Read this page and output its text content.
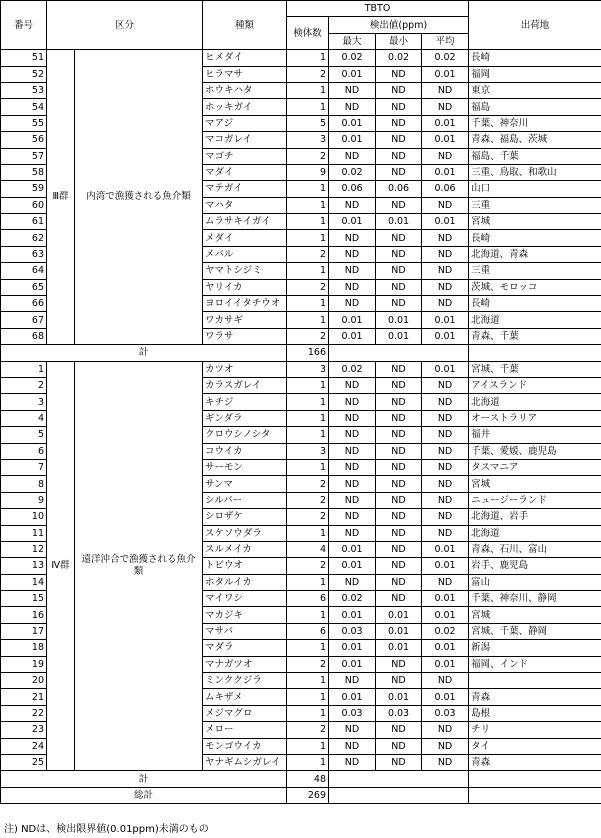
番号	区分		種類	TBTO				出荷地
				検体数	検出値(ppm)			
					最大	最小	平均	
51	Ⅲ群	内湾で漁獲される魚介類	ヒメダイ	1	0.02	0.02	0.02	長崎
52			ヒラマサ	2	0.01	ND	0.01	福岡
53			ホウキハタ	1	ND	ND	ND	東京
54			ホッキガイ	1	ND	ND	ND	福島
55			マアジ	5	0.01	ND	0.01	千葉、神奈川
56			マコガレイ	3	0.01	ND	0.01	青森、福島、茨城
57			マゴチ	2	ND	ND	ND	福島、千葉
58			マダイ	9	0.02	ND	0.01	三重、鳥取、和歌山
59			マテガイ	1	0.06	0.06	0.06	山口
60			マハタ	1	ND	ND	ND	三重
61			ムラサキイガイ	1	0.01	0.01	0.01	宮城
62			メダイ	1	ND	ND	ND	長崎
63			メバル	2	ND	ND	ND	北海道、青森
64			ヤマトシジミ	1	ND	ND	ND	三重
65			ヤリイカ	2	ND	ND	ND	茨城、モロッコ
66			ヨロイイタチウオ	1	ND	ND	ND	長崎
67			ワカサギ	1	0.01	0.01	0.01	北海道
68			ワラサ	2	0.01	0.01	0.01	青森、千葉
計				166				
1	Ⅳ群	遠洋沖合で漁獲される魚介類	カツオ	3	0.02	ND	0.01	宮城、千葉
2			カラスガレイ	1	ND	ND	ND	アイスランド
3			キチジ	1	ND	ND	ND	北海道
4			ギンダラ	1	ND	ND	ND	オーストラリア
5			クロウシノシタ	1	ND	ND	ND	福井
6			コウイカ	3	ND	ND	ND	千葉、愛媛、鹿児島
7			サーモン	1	ND	ND	ND	タスマニア
8			サンマ	2	ND	ND	ND	宮城
9			シルバー	2	ND	ND	ND	ニュージーランド
10			シロザケ	2	ND	ND	ND	北海道、岩手
11			スケソウダラ	1	ND	ND	ND	北海道
12			スルメイカ	4	0.01	ND	0.01	青森、石川、富山
13			トビウオ	2	0.01	ND	0.01	岩手、鹿児島
14			ホタルイカ	1	ND	ND	ND	富山
15			マイワシ	6	0.02	ND	0.01	千葉、神奈川、静岡
16			マカジキ	1	0.01	0.01	0.01	宮城
17			マサバ	6	0.03	0.01	0.02	宮城、千葉、静岡
18			マダラ	1	0.01	0.01	0.01	新潟
19			マナガツオ	2	0.01	ND	0.01	福岡、インド
20			ミンククジラ	1	ND	ND	ND	
21			ムキザメ	1	0.01	0.01	0.01	青森
22			メジマグロ	1	0.03	0.03	0.03	島根
23			メロー	2	ND	ND	ND	チリ
24			モンゴウイカ	1	ND	ND	ND	タイ
25			ヤナギムシガレイ	1	ND	ND	ND	青森
計				48				
総計				269				
注) NDは、検出限界値(0.01ppm)未満のもの
